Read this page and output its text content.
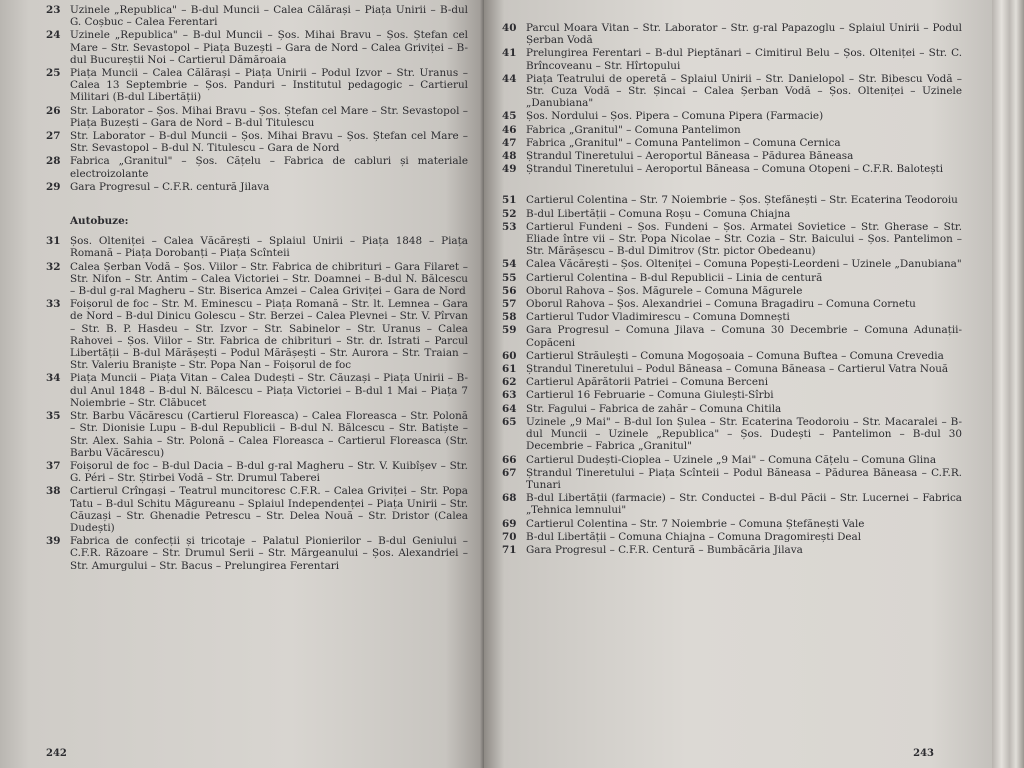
23 Uzinele „Republica" – B-dul Muncii – Calea Călărași – Piața Unirii – B-dul G. Coșbuc – Calea Ferentari
24 Uzinele „Republica" – B-dul Muncii – Șos. Mihai Bravu – Șos. Ștefan cel Mare – Str. Sevastopol – Piața Buzești – Gara de Nord – Calea Griviței – B-dul Bucureștii Noi – Cartierul Dămăroaia
25 Piața Muncii – Calea Călărași – Piața Unirii – Podul Izvor – Str. Uranus – Calea 13 Septembrie – Șos. Panduri – Institutul pedagogic – Cartierul Militari (B-dul Libertății)
26 Str. Laborator – Șos. Mihai Bravu – Șos. Ștefan cel Mare – Str. Sevastopol – Piața Buzești – Gara de Nord – B-dul Titulescu
27 Str. Laborator – B-dul Muncii – Șos. Mihai Bravu – Șos. Ștefan cel Mare – Str. Sevastopol – B-dul N. Titulescu – Gara de Nord
28 Fabrica „Granitul" – Șos. Cățelu – Fabrica de cabluri și materiale electroizolante
29 Gara Progresul – C.F.R. centură Jilava
Autobuze:
31 Șos. Olteniței – Calea Văcărești – Splaiul Unirii – Piața 1848 – Piața Romană – Piața Dorobanți – Piața Scînteii
32 Calea Șerban Vodă – Șos. Viilor – Str. Fabrica de chibrituri – Gara Filaret – Str. Nifon – Str. Antim – Calea Victoriei – Str. Doamnei – B-dul N. Bălcescu – B-dul g-ral Magheru – Str. Biserica Amzei – Calea Griviței – Gara de Nord
33 Foișorul de foc – Str. M. Eminescu – Piața Romană – Str. lt. Lemnea – Gara de Nord – B-dul Dinicu Golescu – Str. Berzei – Calea Plevnei – Str. V. Pîrvan – Str. B. P. Hasdeu – Str. Izvor – Str. Sabinelor – Str. Uranus – Calea Rahovei – Șos. Viilor – Str. Fabrica de chibrituri – Str. dr. Istrati – Parcul Libertății – B-dul Mărășești – Podul Mărășești – Str. Aurora – Str. Traian – Str. Valeriu Braniște – Str. Popa Nan – Foișorul de foc
34 Piața Muncii – Piața Vitan – Calea Dudești – Str. Căuzași – Piața Unirii – B-dul Anul 1848 – B-dul N. Bălcescu – Piața Victoriei – B-dul 1 Mai – Piața 7 Noiembrie – Str. Clăbucet
35 Str. Barbu Văcărescu (Cartierul Floreasca) – Calea Floreasca – Str. Polonă – Str. Dionisie Lupu – B-dul Republicii – B-dul N. Bălcescu – Str. Batiște – Str. Alex. Sahia – Str. Polonă – Calea Floreasca – Cartierul Floreasca (Str. Barbu Văcărescu)
37 Foișorul de foc – B-dul Dacia – B-dul g-ral Magheru – Str. V. Kuibîșev – Str. G. Péri – Str. Știrbei Vodă – Str. Drumul Taberei
38 Cartierul Crîngași – Teatrul muncitoresc C.F.R. – Calea Griviței – Str. Popa Tatu – B-dul Schitu Măgureanu – Splaiul Independenței – Piața Unirii – Str. Căuzași – Str. Ghenadie Petrescu – Str. Delea Nouă – Str. Dristor (Calea Dudești)
39 Fabrica de confecții și tricotaje – Palatul Pionierilor – B-dul Geniului – C.F.R. Răzoare – Str. Drumul Serii – Str. Mărgeanului – Șos. Alexandriei – Str. Amurgului – Str. Bacus – Prelungirea Ferentari
242
40 Parcul Moara Vitan – Str. Laborator – Str. g-ral Papazoglu – Splaiul Unirii – Podul Șerban Vodă
41 Prelungirea Ferentari – B-dul Pieptănari – Cimitirul Belu – Șos. Olteniței – Str. C. Brîncoveanu – Str. Hîrtopului
44 Piața Teatrului de operetă – Splaiul Unirii – Str. Danielopol – Str. Bibescu Vodă – Str. Cuza Vodă – Str. Șincai – Calea Șerban Vodă – Șos. Olteniței – Uzinele „Danubiana"
45 Șos. Nordului – Șos. Pipera – Comuna Pipera (Farmacie)
46 Fabrica „Granitul" – Comuna Pantelimon
47 Fabrica „Granitul" – Comuna Pantelimon – Comuna Cernica
48 Ștrandul Tineretului – Aeroportul Băneasa – Pădurea Băneasa
49 Ștrandul Tineretului – Aeroportul Băneasa – Comuna Otopeni – C.F.R. Balotești
51 Cartierul Colentina – Str. 7 Noiembrie – Șos. Ștefănești – Str. Ecaterina Teodoroiu
52 B-dul Libertății – Comuna Roșu – Comuna Chiajna
53 Cartierul Fundeni – Șos. Fundeni – Șos. Armatei Sovietice – Str. Gherase – Str. Eliade între vii – Str. Popa Nicolae – Str. Cozia – Str. Baicului – Șos. Pantelimon – Str. Mărășescu – B-dul Dimitrov (Str. pictor Obedeanu)
54 Calea Văcărești – Șos. Olteniței – Comuna Popești-Leordeni – Uzinele „Danubiana"
55 Cartierul Colentina – B-dul Republicii – Linia de centură
56 Oborul Rahova – Șos. Măgurele – Comuna Măgurele
57 Oborul Rahova – Șos. Alexandriei – Comuna Bragadiru – Comuna Cornetu
58 Cartierul Tudor Vladimirescu – Comuna Domnești
59 Gara Progresul – Comuna Jilava – Comuna 30 Decembrie – Comuna Adunații-Copăceni
60 Cartierul Străulești – Comuna Mogoșoaia – Comuna Buftea – Comuna Crevedia
61 Ștrandul Tineretului – Podul Băneasa – Comuna Băneasa – Cartierul Vatra Nouă
62 Cartierul Apărătorii Patriei – Comuna Berceni
63 Cartierul 16 Februarie – Comuna Giulești-Sîrbi
64 Str. Fagului – Fabrica de zahăr – Comuna Chitila
65 Uzinele „9 Mai" – B-dul Ion Șulea – Str. Ecaterina Teodoroiu – Str. Macaralei – B-dul Muncii – Uzinele „Republica" – Șos. Dudești – Pantelimon – B-dul 30 Decembrie – Fabrica „Granitul"
66 Cartierul Dudești-Cioplea – Uzinele „9 Mai" – Comuna Cățelu – Comuna Glina
67 Ștrandul Tineretului – Piața Scînteii – Podul Băneasa – Pădurea Băneasa – C.F.R. Tunari
68 B-dul Libertății (farmacie) – Str. Conductei – B-dul Păcii – Str. Lucernei – Fabrica „Tehnica lemnului"
69 Cartierul Colentina – Str. 7 Noiembrie – Comuna Ștefănești Vale
70 B-dul Libertății – Comuna Chiajna – Comuna Dragomirești Deal
71 Gara Progresul – C.F.R. Centură – Bumbăcăria Jilava
243
